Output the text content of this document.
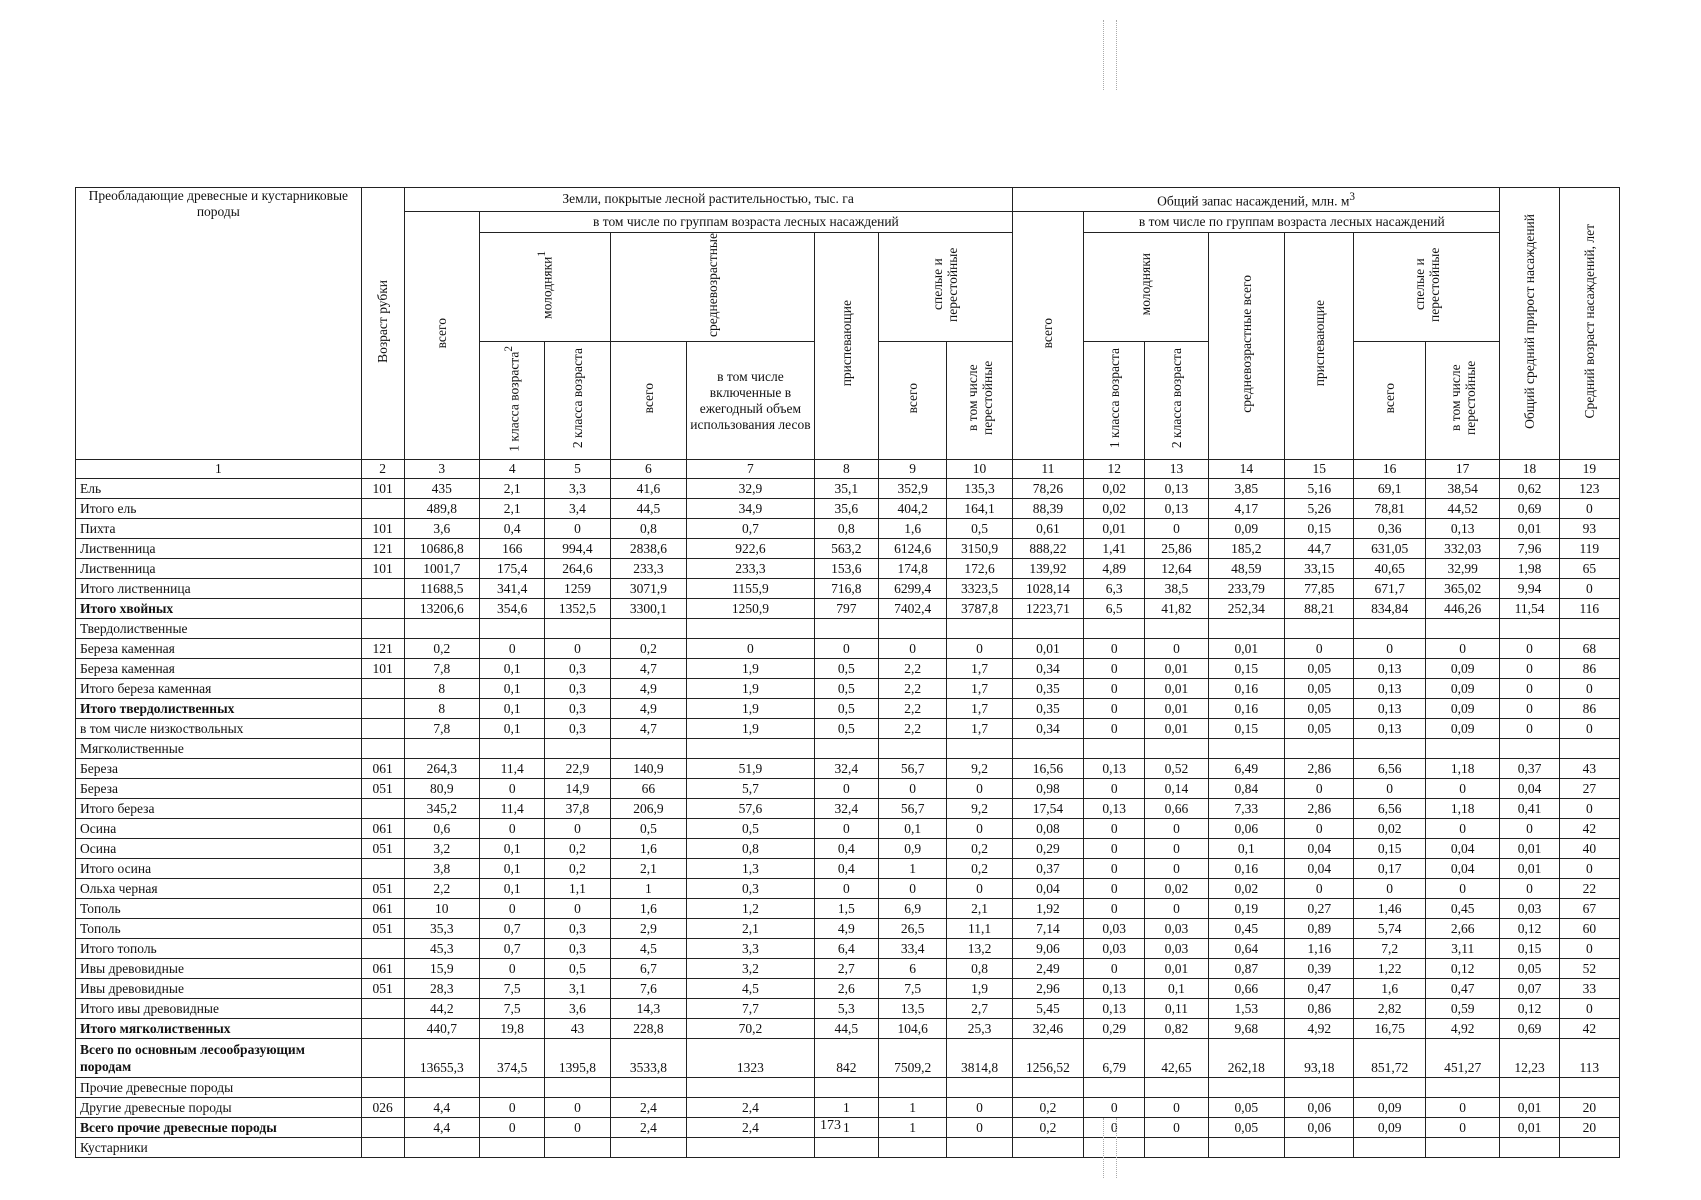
Преобладающие древесные и кустарниковые породы	Возраст рубки	Земли, покрытые лесной растительностью, тыс. га								Общий запас насаждений, млн. $м^3$							Общий средний прирост насаждений	Средний возраст насаждений, лет
		всего	в том числе по группам возраста лесных насаждений							всего	в том числе по группам возраста лесных насаждений							
			молодняки$^1$		средневозрастные		приспевающие	спелые и перестойные			молодняки		средневозрастные всего	приспевающие	спелые и перестойные			
			1 класса возраста$^2$	2 класса возраста	всего	в том числе включенные в ежегодный объем использования лесов		всего	в том числе перестойные		1 класса возраста	2 класса возраста			всего	в том числе перестойные		
1	2	3	4	5	6	7	8	9	10	11	12	13	14	15	16	17	18	19
Ель	101	435	2,1	3,3	41,6	32,9	35,1	352,9	135,3	78,26	0,02	0,13	3,85	5,16	69,1	38,54	0,62	123
Итого ель		489,8	2,1	3,4	44,5	34,9	35,6	404,2	164,1	88,39	0,02	0,13	4,17	5,26	78,81	44,52	0,69	0
Пихта	101	3,6	0,4	0	0,8	0,7	0,8	1,6	0,5	0,61	0,01	0	0,09	0,15	0,36	0,13	0,01	93
Лиственница	121	10686,8	166	994,4	2838,6	922,6	563,2	6124,6	3150,9	888,22	1,41	25,86	185,2	44,7	631,05	332,03	7,96	119
Лиственница	101	1001,7	175,4	264,6	233,3	233,3	153,6	174,8	172,6	139,92	4,89	12,64	48,59	33,15	40,65	32,99	1,98	65
Итого лиственница		11688,5	341,4	1259	3071,9	1155,9	716,8	6299,4	3323,5	1028,14	6,3	38,5	233,79	77,85	671,7	365,02	9,94	0
Итого хвойных		13206,6	354,6	1352,5	3300,1	1250,9	797	7402,4	3787,8	1223,71	6,5	41,82	252,34	88,21	834,84	446,26	11,54	116
Твердолиственные																		
Береза каменная	121	0,2	0	0	0,2	0	0	0	0	0,01	0	0	0,01	0	0	0	0	68
Береза каменная	101	7,8	0,1	0,3	4,7	1,9	0,5	2,2	1,7	0,34	0	0,01	0,15	0,05	0,13	0,09	0	86
Итого береза каменная		8	0,1	0,3	4,9	1,9	0,5	2,2	1,7	0,35	0	0,01	0,16	0,05	0,13	0,09	0	0
Итого твердолиственных		8	0,1	0,3	4,9	1,9	0,5	2,2	1,7	0,35	0	0,01	0,16	0,05	0,13	0,09	0	86
в том числе низкоствольных		7,8	0,1	0,3	4,7	1,9	0,5	2,2	1,7	0,34	0	0,01	0,15	0,05	0,13	0,09	0	0
Мягколиственные																		
Береза	061	264,3	11,4	22,9	140,9	51,9	32,4	56,7	9,2	16,56	0,13	0,52	6,49	2,86	6,56	1,18	0,37	43
Береза	051	80,9	0	14,9	66	5,7	0	0	0	0,98	0	0,14	0,84	0	0	0	0,04	27
Итого береза		345,2	11,4	37,8	206,9	57,6	32,4	56,7	9,2	17,54	0,13	0,66	7,33	2,86	6,56	1,18	0,41	0
Осина	061	0,6	0	0	0,5	0,5	0	0,1	0	0,08	0	0	0,06	0	0,02	0	0	42
Осина	051	3,2	0,1	0,2	1,6	0,8	0,4	0,9	0,2	0,29	0	0	0,1	0,04	0,15	0,04	0,01	40
Итого осина		3,8	0,1	0,2	2,1	1,3	0,4	1	0,2	0,37	0	0	0,16	0,04	0,17	0,04	0,01	0
Ольха черная	051	2,2	0,1	1,1	1	0,3	0	0	0	0,04	0	0,02	0,02	0	0	0	0	22
Тополь	061	10	0	0	1,6	1,2	1,5	6,9	2,1	1,92	0	0	0,19	0,27	1,46	0,45	0,03	67
Тополь	051	35,3	0,7	0,3	2,9	2,1	4,9	26,5	11,1	7,14	0,03	0,03	0,45	0,89	5,74	2,66	0,12	60
Итого тополь		45,3	0,7	0,3	4,5	3,3	6,4	33,4	13,2	9,06	0,03	0,03	0,64	1,16	7,2	3,11	0,15	0
Ивы древовидные	061	15,9	0	0,5	6,7	3,2	2,7	6	0,8	2,49	0	0,01	0,87	0,39	1,22	0,12	0,05	52
Ивы древовидные	051	28,3	7,5	3,1	7,6	4,5	2,6	7,5	1,9	2,96	0,13	0,1	0,66	0,47	1,6	0,47	0,07	33
Итого ивы древовидные		44,2	7,5	3,6	14,3	7,7	5,3	13,5	2,7	5,45	0,13	0,11	1,53	0,86	2,82	0,59	0,12	0
Итого мягколиственных		440,7	19,8	43	228,8	70,2	44,5	104,6	25,3	32,46	0,29	0,82	9,68	4,92	16,75	4,92	0,69	42
Всего по основным лесообразующим породам		13655,3	374,5	1395,8	3533,8	1323	842	7509,2	3814,8	1256,52	6,79	42,65	262,18	93,18	851,72	451,27	12,23	113
Прочие древесные породы																		
Другие древесные породы	026	4,4	0	0	2,4	2,4	1	1	0	0,2	0	0	0,05	0,06	0,09	0	0,01	20
Всего прочие древесные породы		4,4	0	0	2,4	2,4	1	1	0	0,2	0	0	0,05	0,06	0,09	0	0,01	20
Кустарники																		
173
